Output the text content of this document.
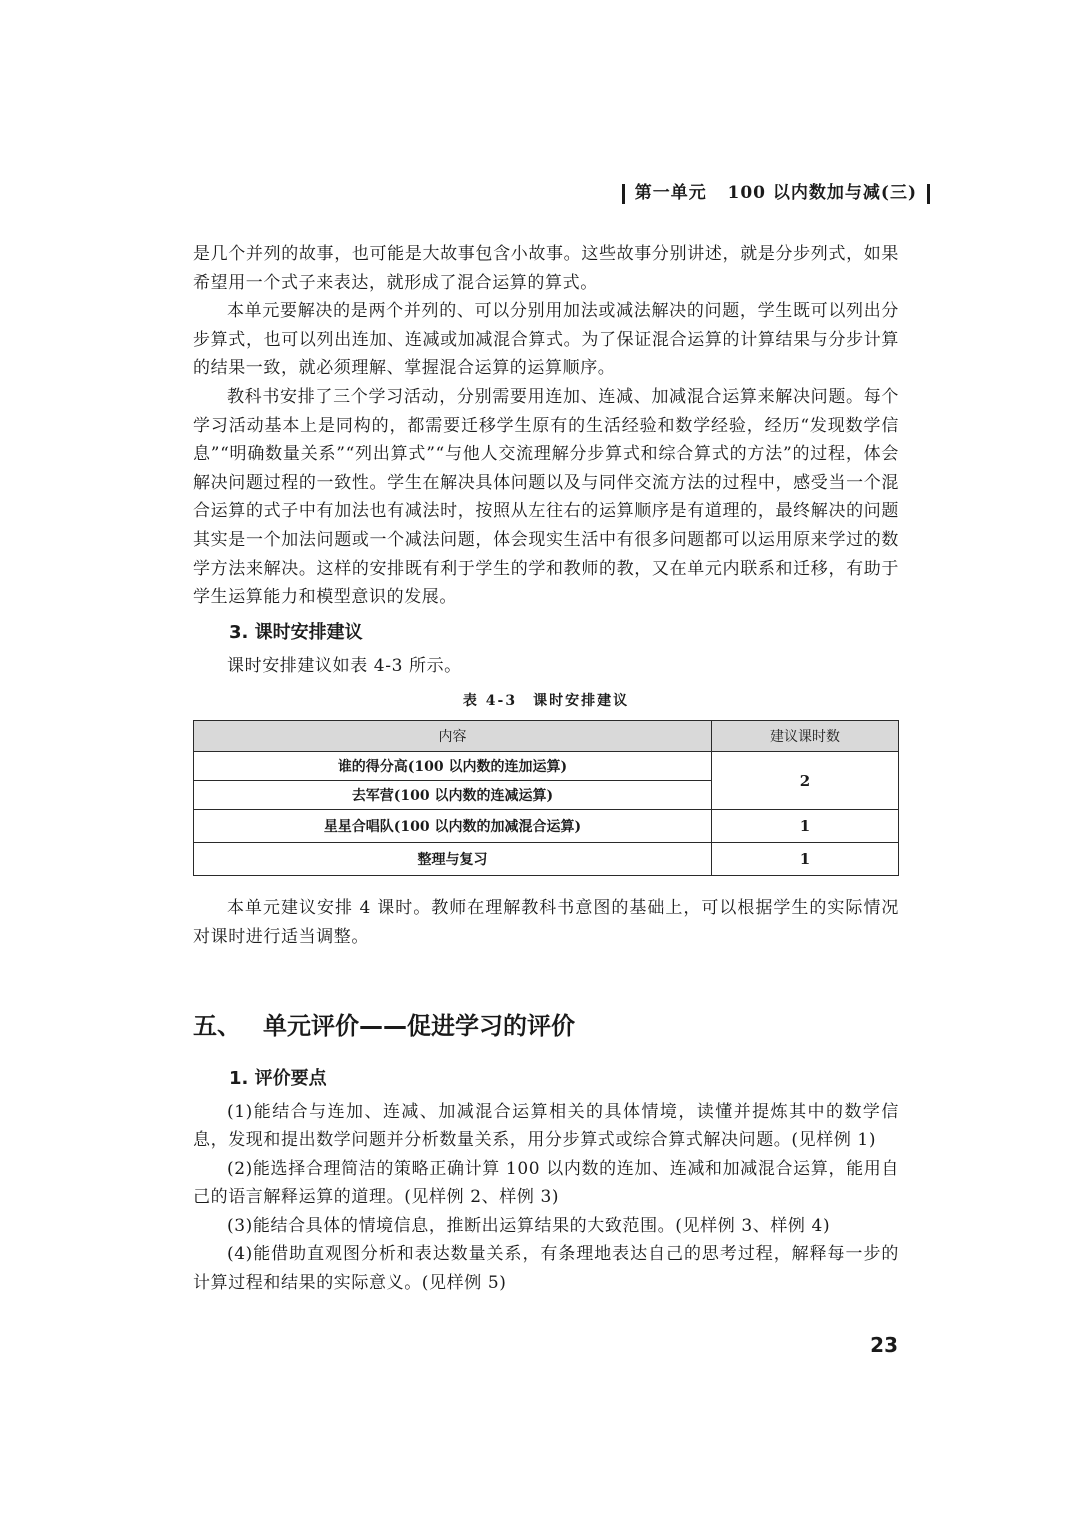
第一单元 100 以内数加与减(三)

是几个并列的故事，也可能是大故事包含小故事。这些故事分别讲述，就是分步列式，如果希望用一个式子来表达，就形成了混合运算的算式。

本单元要解决的是两个并列的、可以分别用加法或减法解决的问题，学生既可以列出分步算式，也可以列出连加、连减或加减混合算式。为了保证混合运算的计算结果与分步计算的结果一致，就必须理解、掌握混合运算的运算顺序。

教科书安排了三个学习活动，分别需要用连加、连减、加减混合运算来解决问题。每个学习活动基本上是同构的，都需要迁移学生原有的生活经验和数学经验，经历“发现数学信息”“明确数量关系”“列出算式”“与他人交流理解分步算式和综合算式的方法”的过程，体会解决问题过程的一致性。学生在解决具体问题以及与同伴交流方法的过程中，感受当一个混合运算的式子中有加法也有减法时，按照从左往右的运算顺序是有道理的，最终解决的问题其实是一个加法问题或一个减法问题，体会现实生活中有很多问题都可以运用原来学过的数学方法来解决。这样的安排既有利于学生的学和教师的教，又在单元内联系和迁移，有助于学生运算能力和模型意识的发展。

3. 课时安排建议

课时安排建议如表 4-3 所示。

表 4-3　课时安排建议
内容	建议课时数
谁的得分高(100 以内数的连加运算)	2
去军营(100 以内数的连减运算)	
星星合唱队(100 以内数的加减混合运算)	1
整理与复习	1

本单元建议安排 4 课时。教师在理解教科书意图的基础上，可以根据学生的实际情况对课时进行适当调整。

五、 单元评价——促进学习的评价
1. 评价要点

(1)能结合与连加、连减、加减混合运算相关的具体情境，读懂并提炼其中的数学信息，发现和提出数学问题并分析数量关系，用分步算式或综合算式解决问题。(见样例 1)

(2)能选择合理简洁的策略正确计算 100 以内数的连加、连减和加减混合运算，能用自己的语言解释运算的道理。(见样例 2、样例 3)

(3)能结合具体的情境信息，推断出运算结果的大致范围。(见样例 3、样例 4)

(4)能借助直观图分析和表达数量关系，有条理地表达自己的思考过程，解释每一步的计算过程和结果的实际意义。(见样例 5)

23
